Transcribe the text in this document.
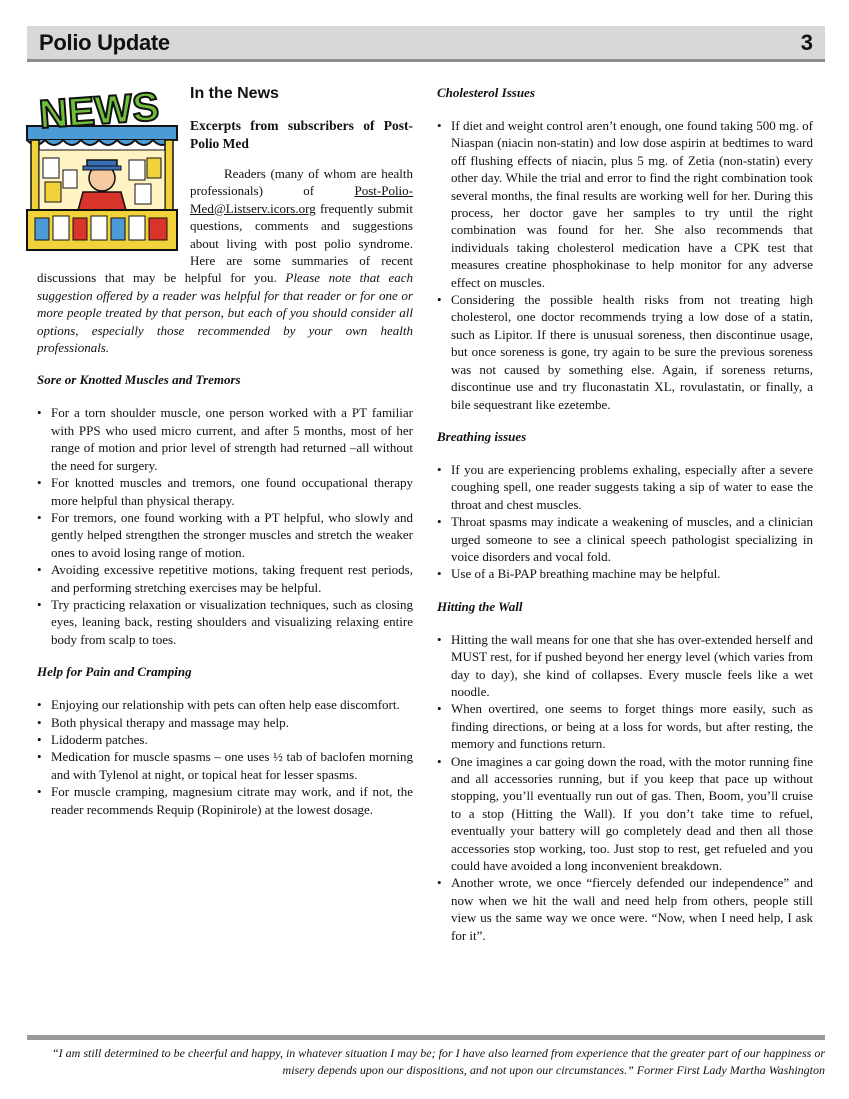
Polio Update	3
NEWS	In the News
Excerpts from subscribers of Post-Polio Med

Readers (many of whom are health professionals) of Post-Polio-Med@Listserv.icors.org frequently submit questions, comments and suggestions about living with post polio syndrome. Here are some summaries of recent discussions that may be helpful for you. Please note that each suggestion offered by a reader was helpful for that reader or for one or more people treated by that person, but each of you should consider all options, especially those recommended by your own health professionals.

Sore or Knotted Muscles and Tremors
• For a torn shoulder muscle, one person worked with a PT familiar with PPS who used micro current, and after 5 months, most of her range of motion and prior level of strength had returned –all without the need for surgery.
• For knotted muscles and tremors, one found occupational therapy more helpful than physical therapy.
• For tremors, one found working with a PT helpful, who slowly and gently helped strengthen the stronger muscles and stretch the weaker ones to avoid losing range of motion.
• Avoiding excessive repetitive motions, taking frequent rest periods, and performing stretching exercises may be helpful.
• Try practicing relaxation or visualization techniques, such as closing eyes, leaning back, resting shoulders and visualizing relaxing entire body from scalp to toes.
Help for Pain and Cramping
• Enjoying our relationship with pets can often help ease discomfort.
• Both physical therapy and massage may help.
• Lidoderm patches.
• Medication for muscle spasms – one uses ½ tab of baclofen morning and with Tylenol at night, or topical heat for lesser spasms.
• For muscle cramping, magnesium citrate may work, and if not, the reader recommends Requip (Ropinirole) at the lowest dosage.
Cholesterol Issues
• If diet and weight control aren’t enough, one found taking 500 mg. of Niaspan (niacin non-statin) and low dose aspirin at bedtimes to ward off flushing effects of niacin, plus 5 mg. of Zetia (non-statin) every other day. While the trial and error to find the right combination took several months, the final results are working well for her. During this process, her doctor gave her samples to try until the right combination was found for her. She also recommends that individuals taking cholesterol medication have a CPK test that measures creatine phosphokinase to help monitor for any adverse effect on muscles.
• Considering the possible health risks from not treating high cholesterol, one doctor recommends trying a low dose of a statin, such as Lipitor. If there is unusual soreness, then discontinue usage, but once soreness is gone, try again to be sure the previous soreness was not caused by something else. Again, if soreness returns, discontinue use and try fluconastatin XL, rovulastatin, or finally, a bile sequestrant like ezetembe.
Breathing issues
• If you are experiencing problems exhaling, especially after a severe coughing spell, one reader suggests taking a sip of water to ease the throat and chest muscles.
• Throat spasms may indicate a weakening of muscles, and a clinician urged someone to see a clinical speech pathologist specializing in voice disorders and vocal fold.
• Use of a Bi-PAP breathing machine may be helpful.
Hitting the Wall
• Hitting the wall means for one that she has over-extended herself and MUST rest, for if pushed beyond her energy level (which varies from day to day), she kind of collapses. Every muscle feels like a wet noodle.
• When overtired, one seems to forget things more easily, such as finding directions, or being at a loss for words, but after resting, the memory and functions return.
• One imagines a car going down the road, with the motor running fine and all accessories running, but if you keep that pace up without stopping, you’ll eventually run out of gas. Then, Boom, you’ll cruise to a stop (Hitting the Wall). If you don’t take time to refuel, eventually your battery will go completely dead and then all those accessories stop working, too. Just stop to rest, get refueled and you could have avoided a long inconvenient breakdown.
• Another wrote, we once “fiercely defended our independence” and now when we hit the wall and need help from others, people still view us the same way we once were. “Now, when I need help, I ask for it”.
“I am still determined to be cheerful and happy, in whatever situation I may be; for I have also learned from experience that the greater part of our happiness or misery depends upon our dispositions, and not upon our circumstances.” Former First Lady Martha Washington
